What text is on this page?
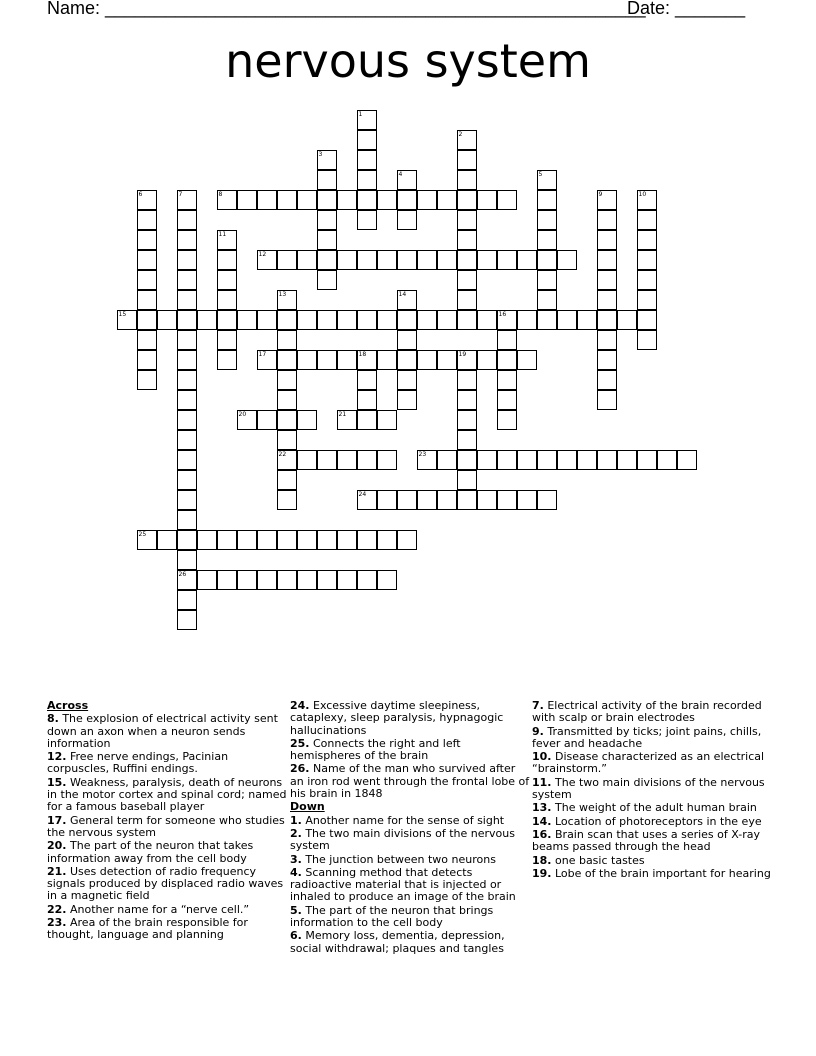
Name: ______________________________________________________
Date: _______
nervous system
1
2
3
4	5
6	7
26
9	10
11
13
22
14
16
18	19
8
12
15
17
20	21
23
24
25
Across
8. The explosion of electrical activity sent down an axon when a neuron sends information
12. Free nerve endings, Pacinian corpuscles, Ruffini endings.
15. Weakness, paralysis, death of neurons in the motor cortex and spinal cord; named for a famous baseball player
17. General term for someone who studies the nervous system
20. The part of the neuron that takes information away from the cell body
21. Uses detection of radio frequency signals produced by displaced radio waves in a magnetic field
22. Another name for a “nerve cell.”
23. Area of the brain responsible for thought, language and planning
24. Excessive daytime sleepiness, cataplexy, sleep paralysis, hypnagogic hallucinations
25. Connects the right and left hemispheres of the brain
26. Name of the man who survived after an iron rod went through the frontal lobe of his brain in 1848
Down
1. Another name for the sense of sight
2. The two main divisions of the nervous system
3. The junction between two neurons
4. Scanning method that detects radioactive material that is injected or inhaled to produce an image of the brain
5. The part of the neuron that brings information to the cell body
6. Memory loss, dementia, depression, social withdrawal; plaques and tangles
7. Electrical activity of the brain recorded with scalp or brain electrodes
9. Transmitted by ticks; joint pains, chills, fever and headache
10. Disease characterized as an electrical “brainstorm.”
11. The two main divisions of the nervous system
13. The weight of the adult human brain
14. Location of photoreceptors in the eye
16. Brain scan that uses a series of X-ray beams passed through the head
18. one basic tastes
19. Lobe of the brain important for hearing
